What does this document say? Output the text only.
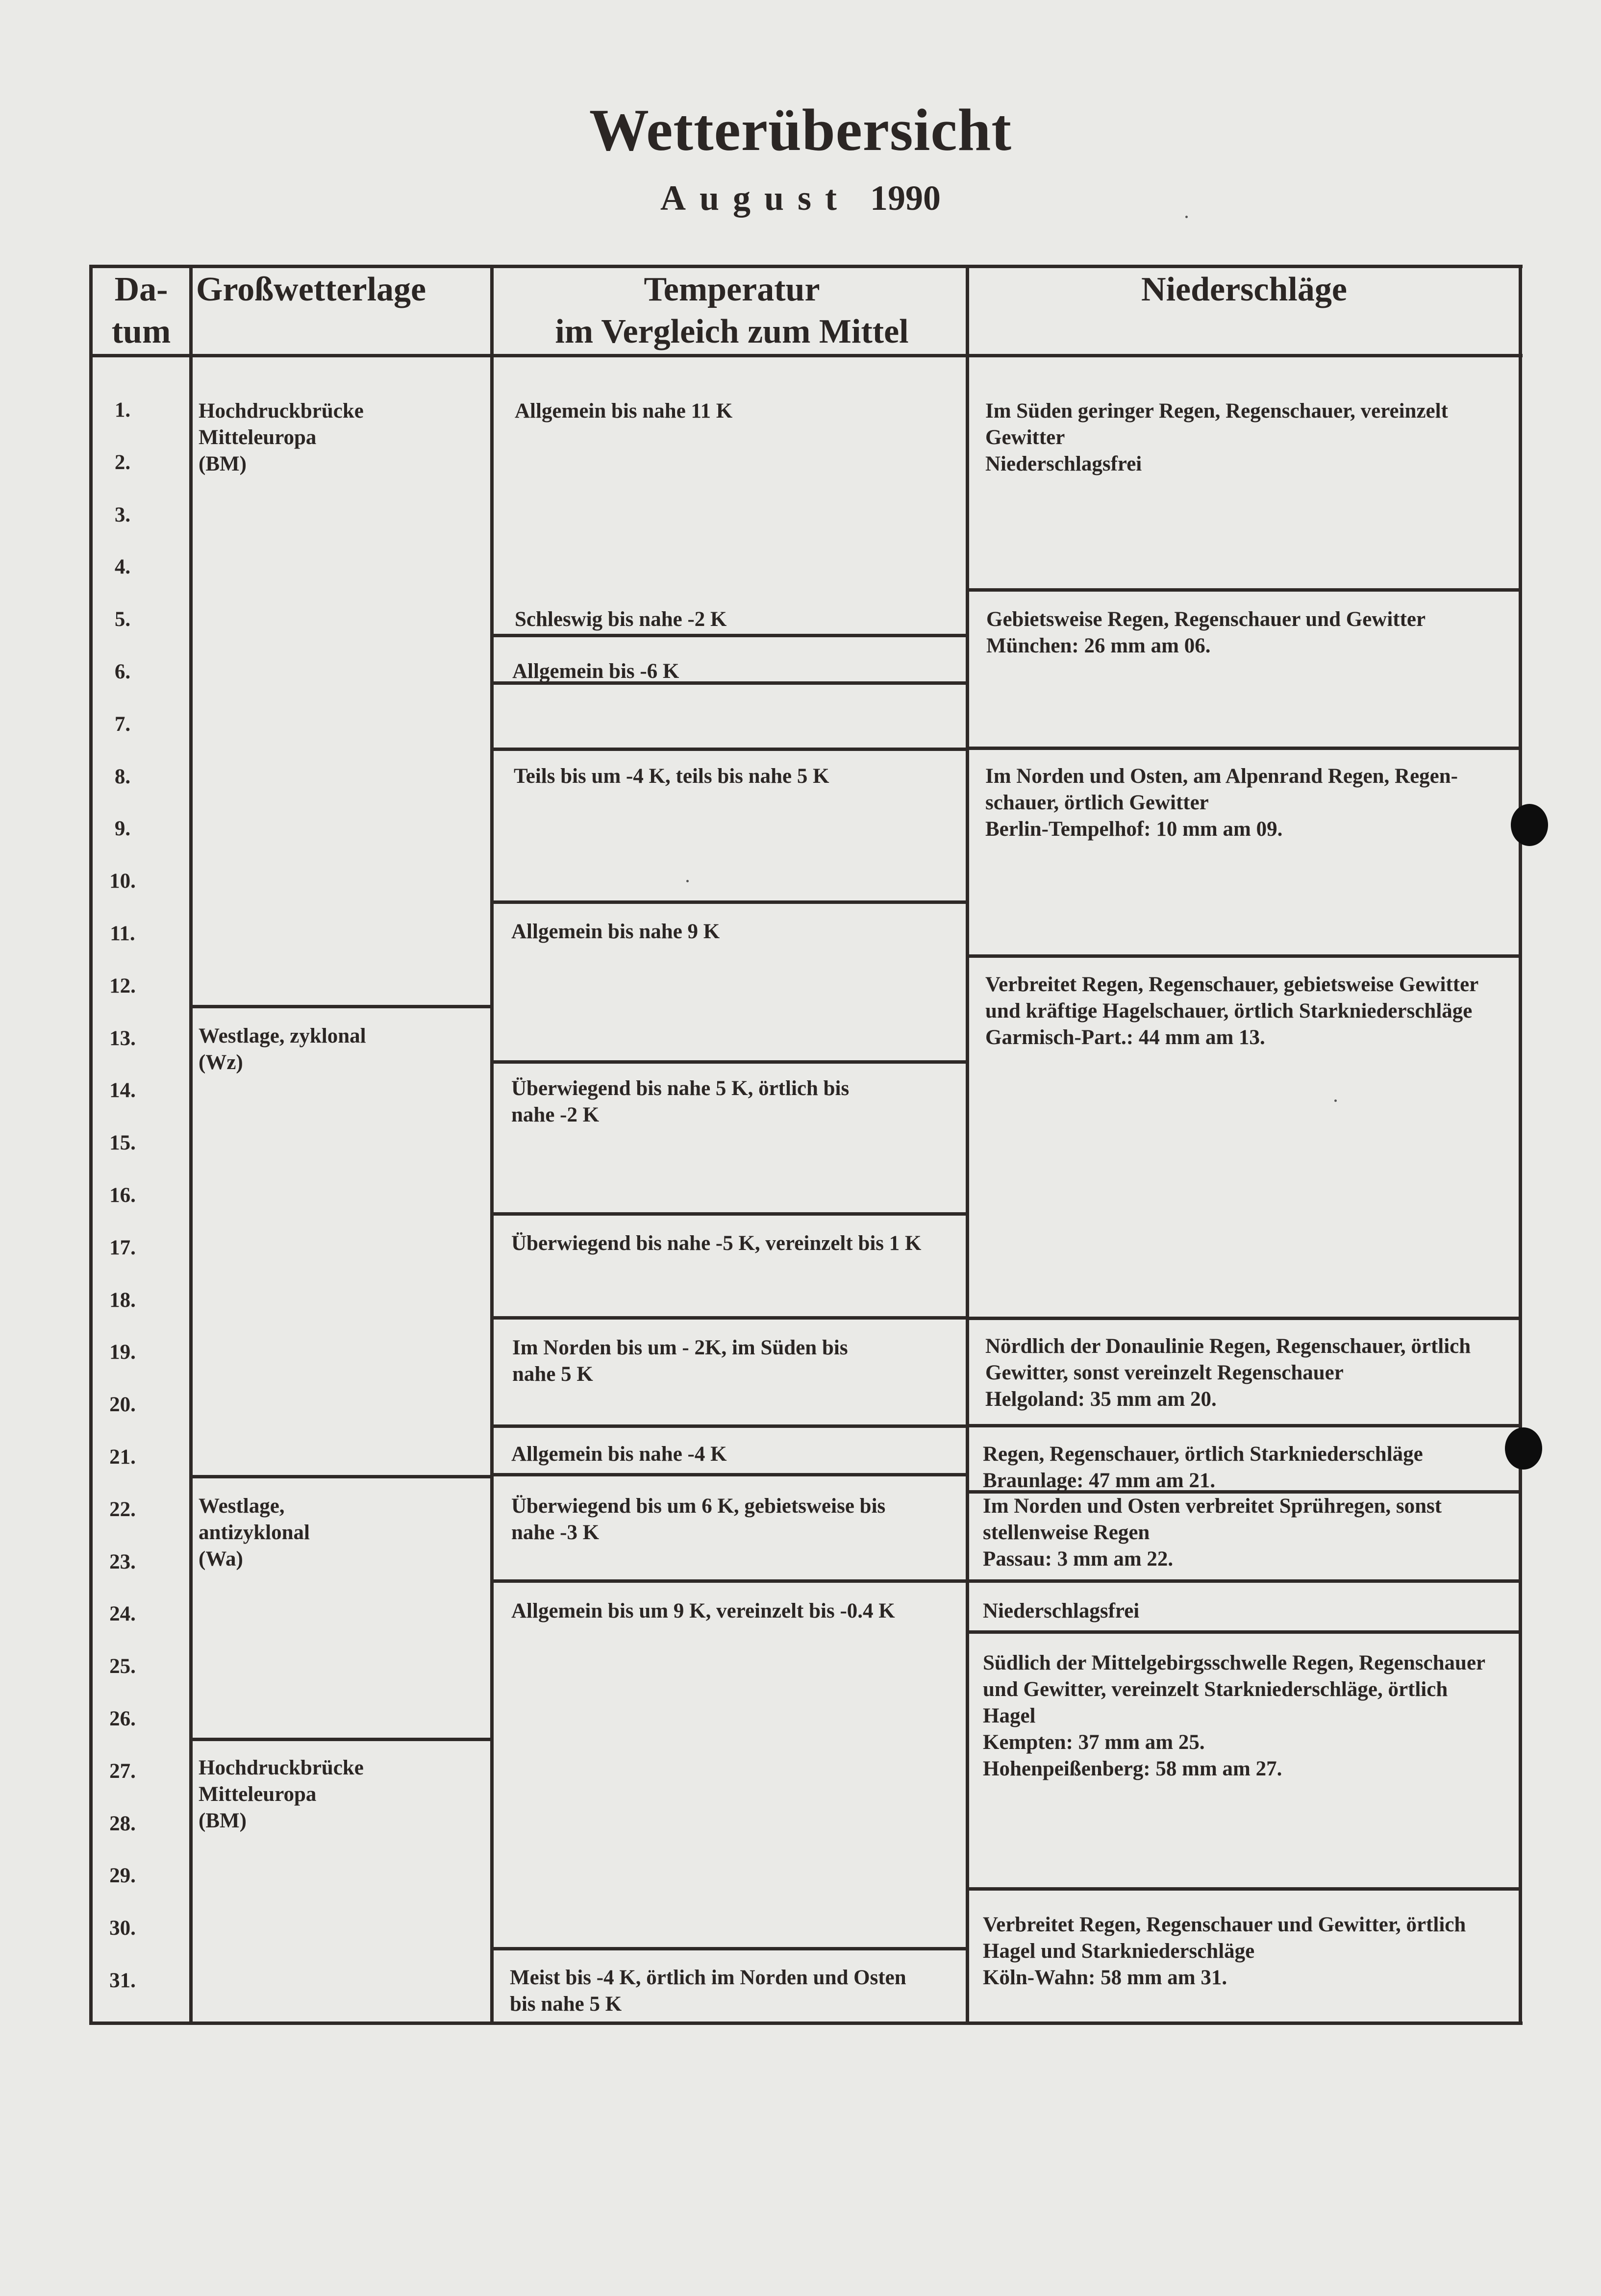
Wetterübersicht
August 1990
Da-
tum
Großwetterlage	Temperatur
im Vergleich zum Mittel
Niederschläge
1.
2.
3.
4.
5.
6.
7.
8.
9.
10.
11.
12.
13.
14.
15.
16.
17.
18.
19.
20.
21.
22.
23.
24.
25.
26.
27.
28.
29.
30.
31.
Hochdruckbrücke
Mitteleuropa
(BM)
Westlage, zyklonal
(Wz)
Westlage,
antizyklonal
(Wa)
Hochdruckbrücke
Mitteleuropa
(BM)
Allgemein bis nahe 11 K
Schleswig bis nahe -2 K
Allgemein bis -6 K
Teils bis um -4 K, teils bis nahe 5 K
Allgemein bis nahe 9 K
Überwiegend bis nahe 5 K, örtlich bis
nahe -2 K
Überwiegend bis nahe -5 K, vereinzelt bis 1 K
Im Norden bis um - 2K, im Süden bis
nahe 5 K
Allgemein bis nahe -4 K
Überwiegend bis um 6 K, gebietsweise bis
nahe -3 K
Allgemein bis um 9 K, vereinzelt bis -0.4 K
Meist bis -4 K, örtlich im Norden und Osten
bis nahe 5 K
Im Süden geringer Regen, Regenschauer, vereinzelt
Gewitter
Niederschlagsfrei
Gebietsweise Regen, Regenschauer und Gewitter
München: 26 mm am 06.
Im Norden und Osten, am Alpenrand Regen, Regen-
schauer, örtlich Gewitter
Berlin-Tempelhof: 10 mm am 09.
Verbreitet Regen, Regenschauer, gebietsweise Gewitter
und kräftige Hagelschauer, örtlich Starkniederschläge
Garmisch-Part.: 44 mm am 13.
Nördlich der Donaulinie Regen, Regenschauer, örtlich
Gewitter, sonst vereinzelt Regenschauer
Helgoland: 35 mm am 20.
Regen, Regenschauer, örtlich Starkniederschläge
Braunlage: 47 mm am 21.
Im Norden und Osten verbreitet Sprühregen, sonst
stellenweise Regen
Passau: 3 mm am 22.
Niederschlagsfrei
Südlich der Mittelgebirgsschwelle Regen, Regenschauer
und Gewitter, vereinzelt Starkniederschläge, örtlich
Hagel
Kempten: 37 mm am 25.
Hohenpeißenberg: 58 mm am 27.
Verbreitet Regen, Regenschauer und Gewitter, örtlich
Hagel und Starkniederschläge
Köln-Wahn: 58 mm am 31.
